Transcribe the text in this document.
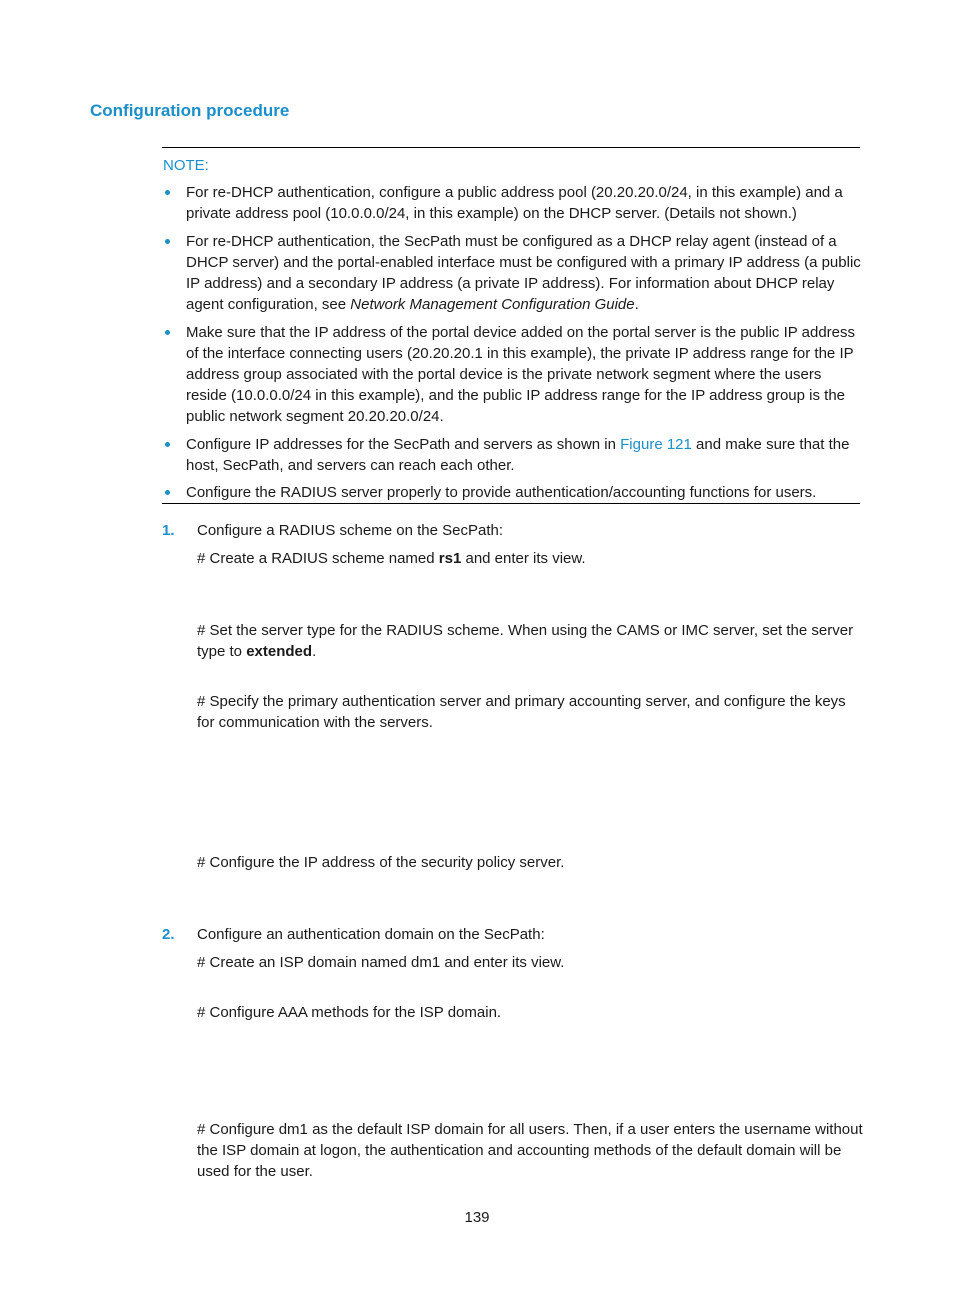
Configuration procedure
NOTE:
For re-DHCP authentication, configure a public address pool (20.20.20.0/24, in this example) and a private address pool (10.0.0.0/24, in this example) on the DHCP server. (Details not shown.)
For re-DHCP authentication, the SecPath must be configured as a DHCP relay agent (instead of a DHCP server) and the portal-enabled interface must be configured with a primary IP address (a public IP address) and a secondary IP address (a private IP address). For information about DHCP relay agent configuration, see Network Management Configuration Guide.
Make sure that the IP address of the portal device added on the portal server is the public IP address of the interface connecting users (20.20.20.1 in this example), the private IP address range for the IP address group associated with the portal device is the private network segment where the users reside (10.0.0.0/24 in this example), and the public IP address range for the IP address group is the public network segment 20.20.20.0/24.
Configure IP addresses for the SecPath and servers as shown in Figure 121 and make sure that the host, SecPath, and servers can reach each other.
Configure the RADIUS server properly to provide authentication/accounting functions for users.
1. Configure a RADIUS scheme on the SecPath:
# Create a RADIUS scheme named rs1 and enter its view.
# Set the server type for the RADIUS scheme. When using the CAMS or IMC server, set the server type to extended.
# Specify the primary authentication server and primary accounting server, and configure the keys for communication with the servers.
# Configure the IP address of the security policy server.
2. Configure an authentication domain on the SecPath:
# Create an ISP domain named dm1 and enter its view.
# Configure AAA methods for the ISP domain.
# Configure dm1 as the default ISP domain for all users. Then, if a user enters the username without the ISP domain at logon, the authentication and accounting methods of the default domain will be used for the user.
139
